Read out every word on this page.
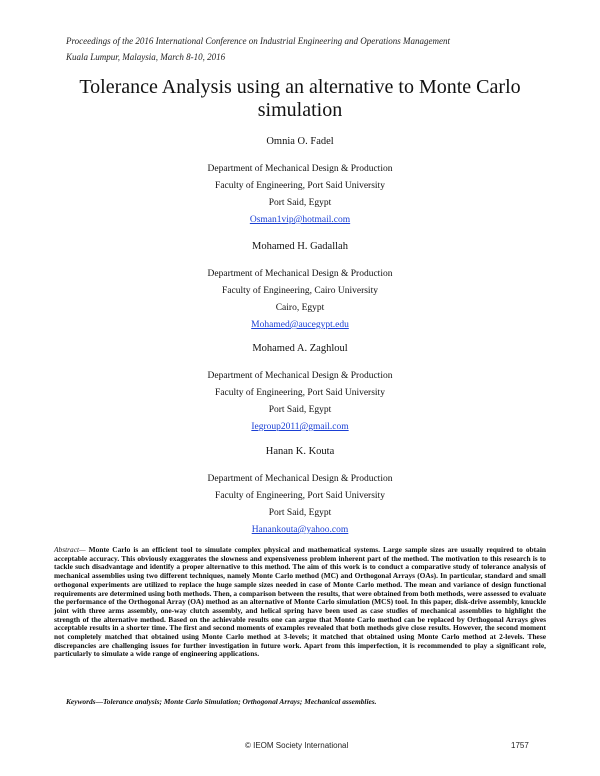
Proceedings of the 2016 International Conference on Industrial Engineering and Operations Management
Kuala Lumpur, Malaysia, March 8-10, 2016
Tolerance Analysis using an alternative to Monte Carlo simulation
Omnia O. Fadel
Department of Mechanical Design & Production
Faculty of Engineering, Port Said University
Port Said, Egypt
Osman1vip@hotmail.com
Mohamed H. Gadallah
Department of Mechanical Design & Production
Faculty of Engineering, Cairo University
Cairo, Egypt
Mohamed@aucegypt.edu
Mohamed A. Zaghloul
Department of Mechanical Design & Production
Faculty of Engineering, Port Said University
Port Said, Egypt
Iegroup2011@gmail.com
Hanan K. Kouta
Department of Mechanical Design & Production
Faculty of Engineering, Port Said University
Port Said, Egypt
Hanankouta@yahoo.com
Abstract— Monte Carlo is an efficient tool to simulate complex physical and mathematical systems. Large sample sizes are usually required to obtain acceptable accuracy. This obviously exaggerates the slowness and expensiveness problem inherent part of the method. The motivation to this research is to tackle such disadvantage and identify a proper alternative to this method. The aim of this work is to conduct a comparative study of tolerance analysis of mechanical assemblies using two different techniques, namely Monte Carlo method (MC) and Orthogonal Arrays (OAs). In particular, standard and small orthogonal experiments are utilized to replace the huge sample sizes needed in case of Monte Carlo method. The mean and variance of design functional requirements are determined using both methods. Then, a comparison between the results, that were obtained from both methods, were assessed to evaluate the performance of the Orthogonal Array (OA) method as an alternative of Monte Carlo simulation (MCS) tool. In this paper, disk-drive assembly, knuckle joint with three arms assembly, one-way clutch assembly, and helical spring have been used as case studies of mechanical assemblies to highlight the strength of the alternative method. Based on the achievable results one can argue that Monte Carlo method can be replaced by Orthogonal Arrays gives acceptable results in a shorter time. The first and second moments of examples revealed that both methods give close results. However, the second moment not completely matched that obtained using Monte Carlo method at 3-levels; it matched that obtained using Monte Carlo method at 2-levels. These discrepancies are challenging issues for further investigation in future work. Apart from this imperfection, it is recommended to play a significant role, particularly to simulate a wide range of engineering applications.
Keywords—Tolerance analysis; Monte Carlo Simulation; Orthogonal Arrays; Mechanical assemblies.
© IEOM Society International	1757
